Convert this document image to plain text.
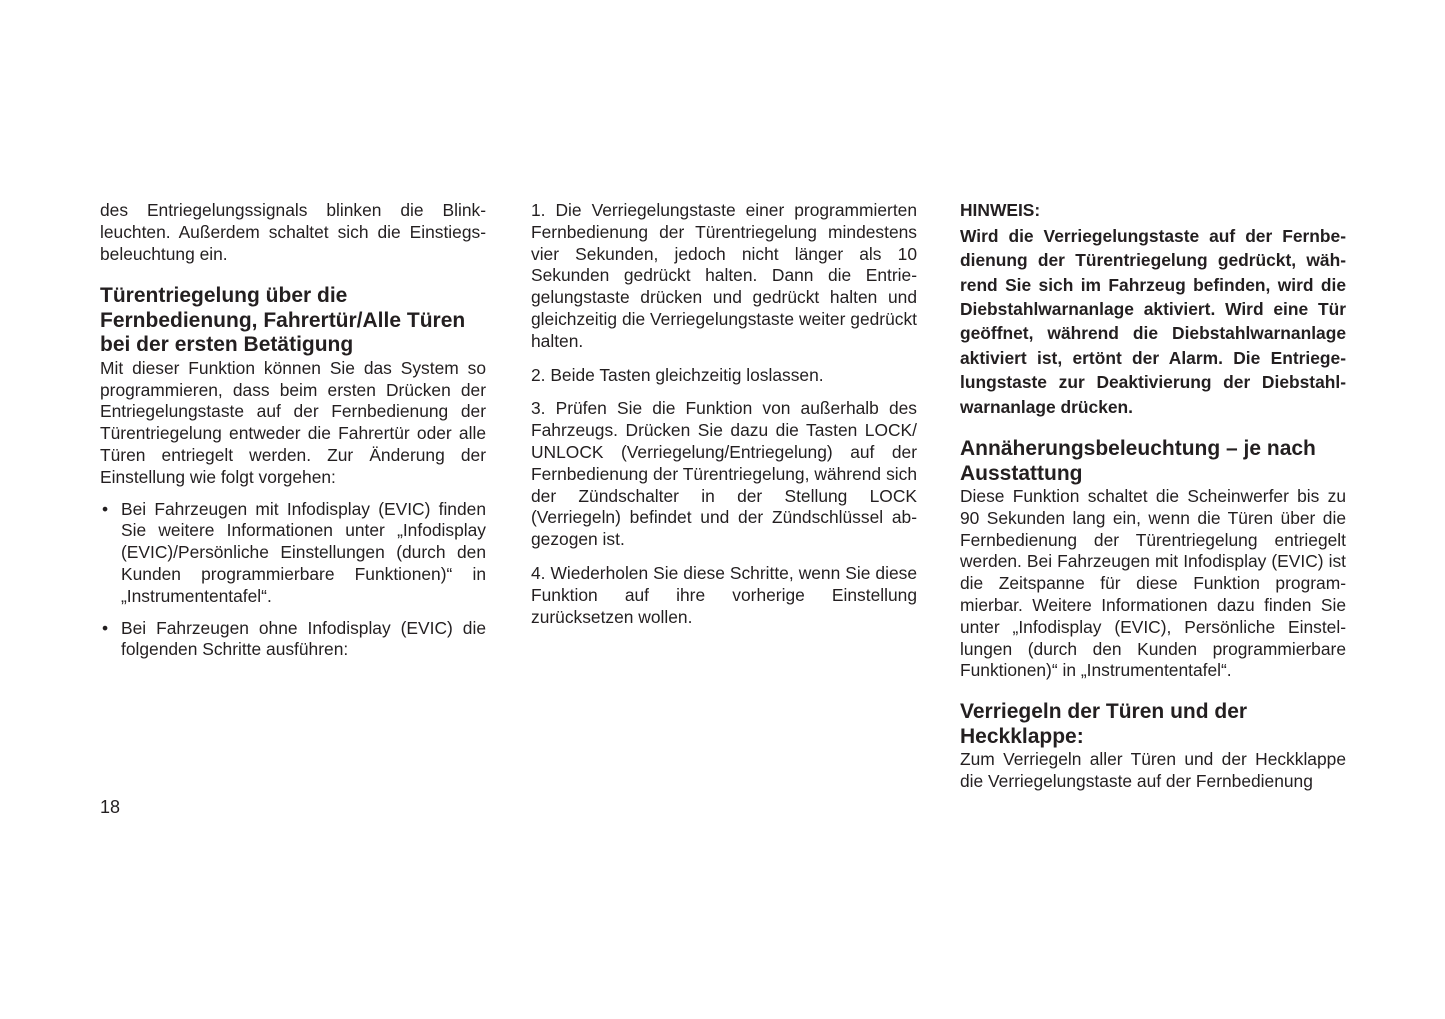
des Entriegelungssignals blinken die Blinkleuchten. Außerdem schaltet sich die Einstiegsbeleuchtung ein.

Türentriegelung über die Fernbedienung, Fahrertür/Alle Türen bei der ersten Betätigung

Mit dieser Funktion können Sie das System so programmieren, dass beim ersten Drücken der Entriegelungstaste auf der Fernbedienung der Türentriegelung entweder die Fahrertür oder alle Türen entriegelt werden. Zur Änderung der Einstellung wie folgt vorgehen:

• Bei Fahrzeugen mit Infodisplay (EVIC) finden Sie weitere Informationen unter „Infodisplay (EVIC)/Persönliche Einstellungen (durch den Kunden programmierbare Funktionen)“ in „Instrumententafel“.

• Bei Fahrzeugen ohne Infodisplay (EVIC) die folgenden Schritte ausführen:

1. Die Verriegelungstaste einer programmierten Fernbedienung der Türentriegelung mindestens vier Sekunden, jedoch nicht länger als 10 Sekunden gedrückt halten. Dann die Entriegelungstaste drücken und gedrückt halten und gleichzeitig die Verriegelungstaste weiter gedrückt halten.

2. Beide Tasten gleichzeitig loslassen.

3. Prüfen Sie die Funktion von außerhalb des Fahrzeugs. Drücken Sie dazu die Tasten LOCK/​UNLOCK (Verriegelung/Entriegelung) auf der Fernbedienung der Türentriegelung, während sich der Zündschalter in der Stellung LOCK (Verriegeln) befindet und der Zündschlüssel abgezogen ist.

4. Wiederholen Sie diese Schritte, wenn Sie diese Funktion auf ihre vorherige Einstellung zurücksetzen wollen.

HINWEIS:

Wird die Verriegelungstaste auf der Fernbedienung der Türentriegelung gedrückt, während Sie sich im Fahrzeug befinden, wird die Diebstahlwarnanlage aktiviert. Wird eine Tür geöffnet, während die Diebstahlwarnanlage aktiviert ist, ertönt der Alarm. Die Entriegelungstaste zur Deaktivierung der Diebstahlwarnanlage drücken.

Annäherungsbeleuchtung – je nach Ausstattung

Diese Funktion schaltet die Scheinwerfer bis zu 90 Sekunden lang ein, wenn die Türen über die Fernbedienung der Türentriegelung entriegelt werden. Bei Fahrzeugen mit Infodisplay (EVIC) ist die Zeitspanne für diese Funktion programmierbar. Weitere Informationen dazu finden Sie unter „Infodisplay (EVIC), Persönliche Einstellungen (durch den Kunden programmierbare Funktionen)“ in „Instrumententafel“.

Verriegeln der Türen und der Heckklappe:

Zum Verriegeln aller Türen und der Heckklappe die Verriegelungstaste auf der Fernbedienung

18
